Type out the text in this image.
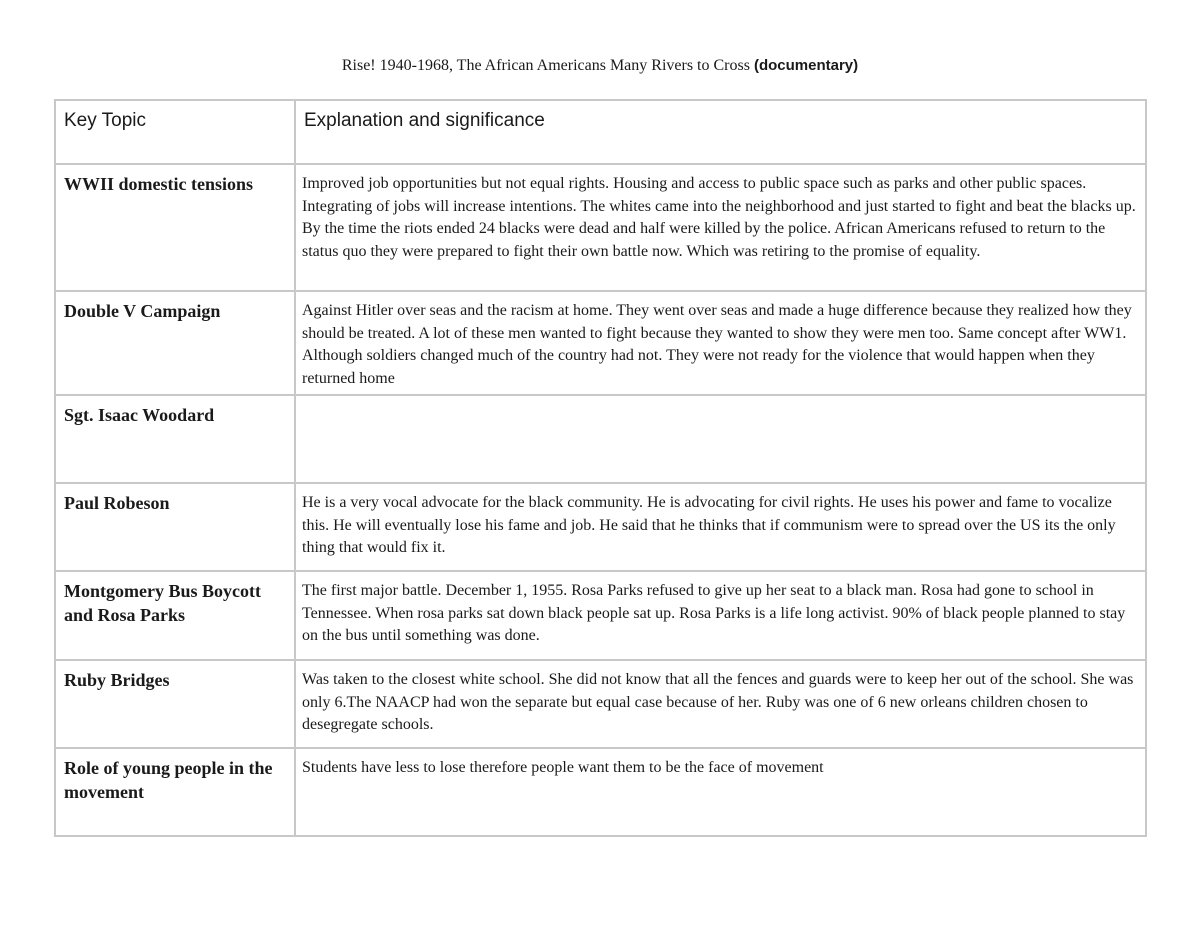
Rise! 1940-1968, The African Americans Many Rivers to Cross (documentary)
Key Topic	Explanation and significance
WWII domestic tensions	Improved job opportunities but not equal rights. Housing and access to public space such as parks and other public spaces. Integrating of jobs will increase intentions. The whites came into the neighborhood and just started to fight and beat the blacks up. By the time the riots ended 24 blacks were dead and half were killed by the police. African Americans refused to return to the status quo they were prepared to fight their own battle now. Which was retiring to the promise of equality.
Double V Campaign	Against Hitler over seas and the racism at home. They went over seas and made a huge difference because they realized how they should be treated. A lot of these men wanted to fight because they wanted to show they were men too. Same concept after WW1. Although soldiers changed much of the country had not. They were not ready for the violence that would happen when they returned home
Sgt. Isaac Woodard	
Paul Robeson	He is a very vocal advocate for the black community. He is advocating for civil rights. He uses his power and fame to vocalize this. He will eventually lose his fame and job. He said that he thinks that if communism were to spread over the US its the only thing that would fix it.
Montgomery Bus Boycott and Rosa Parks	The first major battle. December 1, 1955. Rosa Parks refused to give up her seat to a black man. Rosa had gone to school in Tennessee. When rosa parks sat down black people sat up. Rosa Parks is a life long activist. 90% of black people planned to stay on the bus until something was done.
Ruby Bridges	Was taken to the closest white school. She did not know that all the fences and guards were to keep her out of the school. She was only 6.The NAACP had won the separate but equal case because of her. Ruby was one of 6 new orleans children chosen to desegregate schools.
Role of young people in the movement	Students have less to lose therefore people want them to be the face of movement
